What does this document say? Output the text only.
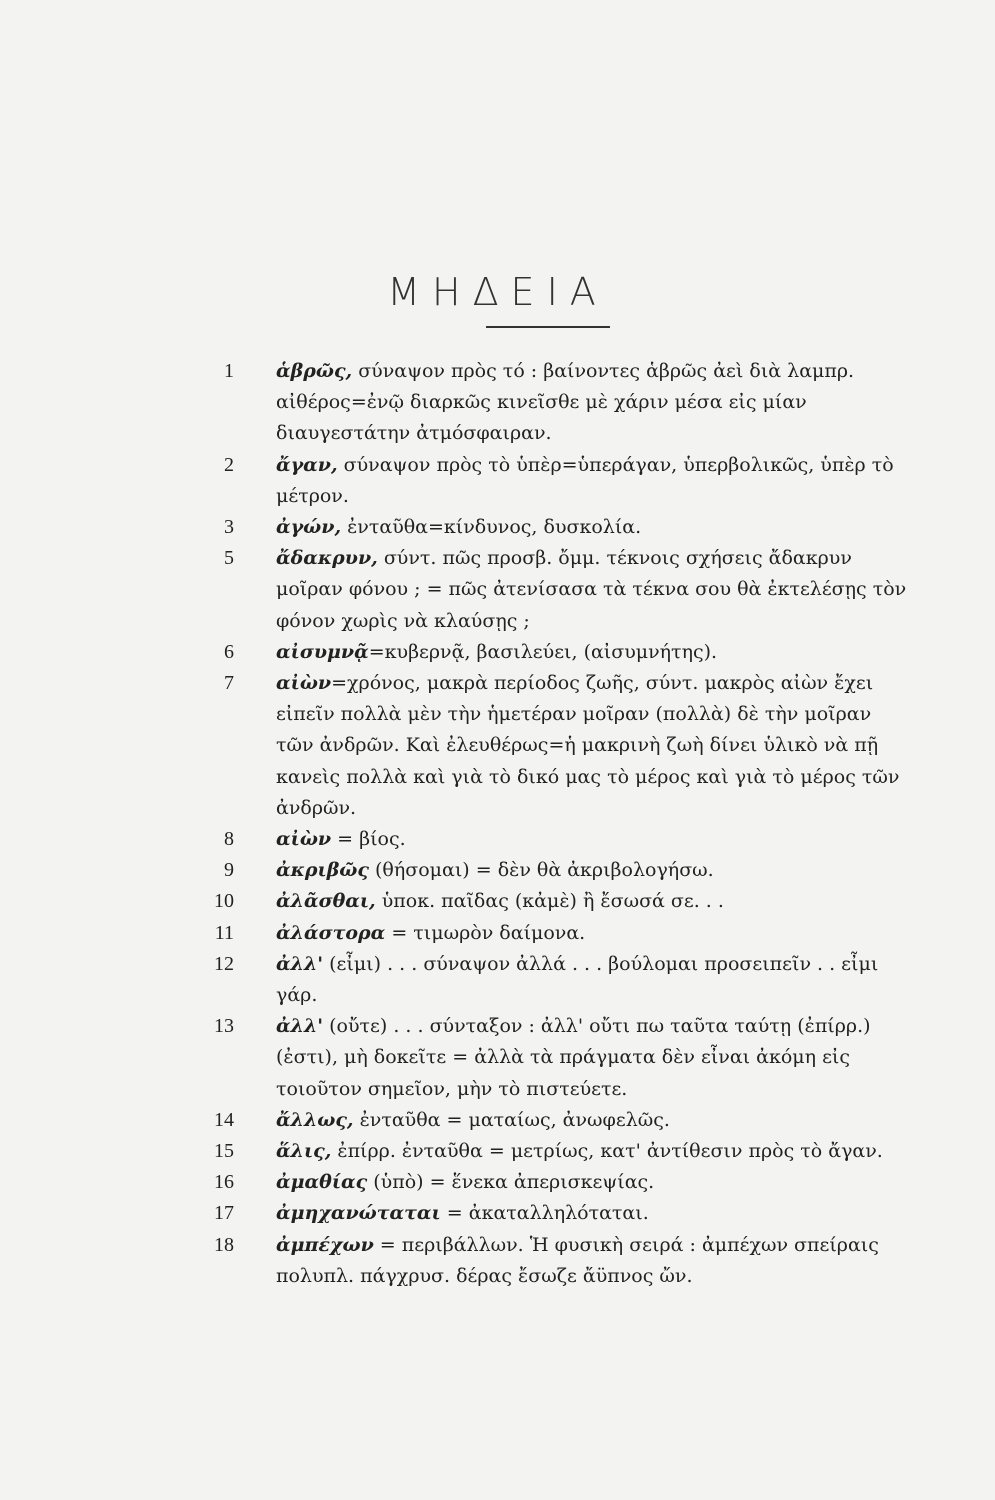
ΜΗΔΕΙΑ
1 ἁβρῶς, σύναψον πρὸς τό : βαίνοντες ἁβρῶς ἀεὶ διὰ λαμπρ. αἰθέρος=ἐνῷ διαρκῶς κινεῖσθε μὲ χάριν μέσα εἰς μίαν διαυγεστάτην ἀτμόσφαιραν.
2 ἄγαν, σύναψον πρὸς τὸ ὑπὲρ=ὑπεράγαν, ὑπερβολικῶς, ὑπὲρ τὸ μέτρον.
3 ἀγών, ἐνταῦθα=κίνδυνος, δυσκολία.
5 ἄδακρυν, σύντ. πῶς προσβ. ὄμμ. τέκνοις σχήσεις ἄδακρυν μοῖραν φόνου ; = πῶς ἀτενίσασα τὰ τέκνα σου θὰ ἐκτελέσῃς τὸν φόνον χωρὶς νὰ κλαύσῃς ;
6 αἰσυμνᾷ=κυβερνᾷ, βασιλεύει, (αἰσυμνήτης).
7 αἰὼν=χρόνος, μακρὰ περίοδος ζωῆς, σύντ. μακρὸς αἰὼν ἔχει εἰπεῖν πολλὰ μὲν τὴν ἡμετέραν μοῖραν (πολλὰ) δὲ τὴν μοῖραν τῶν ἀνδρῶν. Καὶ ἐλευθέρως=ἡ μακρινὴ ζωὴ δίνει ὑλικὸ νὰ πῇ κανεὶς πολλὰ καὶ γιὰ τὸ δικό μας τὸ μέρος καὶ γιὰ τὸ μέρος τῶν ἀνδρῶν.
8 αἰὼν = βίος.
9 ἀκριβῶς (θήσομαι) = δὲν θὰ ἀκριβολογήσω.
10 ἀλᾶσθαι, ὑποκ. παῖδας (κἀμὲ) ἢ ἔσωσά σε. . .
11 ἀλάστορα = τιμωρὸν δαίμονα.
12 ἀλλ' (εἶμι) . . . σύναψον ἀλλά . . . βούλομαι προσειπεῖν . . εἶμι γάρ.
13 ἀλλ' (οὔτε) . . . σύνταξον : ἀλλ' οὔτι πω ταῦτα ταύτῃ (ἐπίρρ.) (ἐστι), μὴ δοκεῖτε = ἀλλὰ τὰ πράγματα δὲν εἶναι ἀκόμη εἰς τοιοῦτον σημεῖον, μὴν τὸ πιστεύετε.
14 ἄλλως, ἐνταῦθα = ματαίως, ἀνωφελῶς.
15 ἅλις, ἐπίρρ. ἐνταῦθα = μετρίως, κατ' ἀντίθεσιν πρὸς τὸ ἄγαν.
16 ἀμαθίας (ὑπὸ) = ἕνεκα ἀπερισκεψίας.
17 ἀμηχανώταται = ἀκαταλληλόταται.
18 ἀμπέχων = περιβάλλων. Ἡ φυσικὴ σειρά : ἀμπέχων σπείραις πολυπλ. πάγχρυσ. δέρας ἔσωζε ἄϋπνος ὤν.
